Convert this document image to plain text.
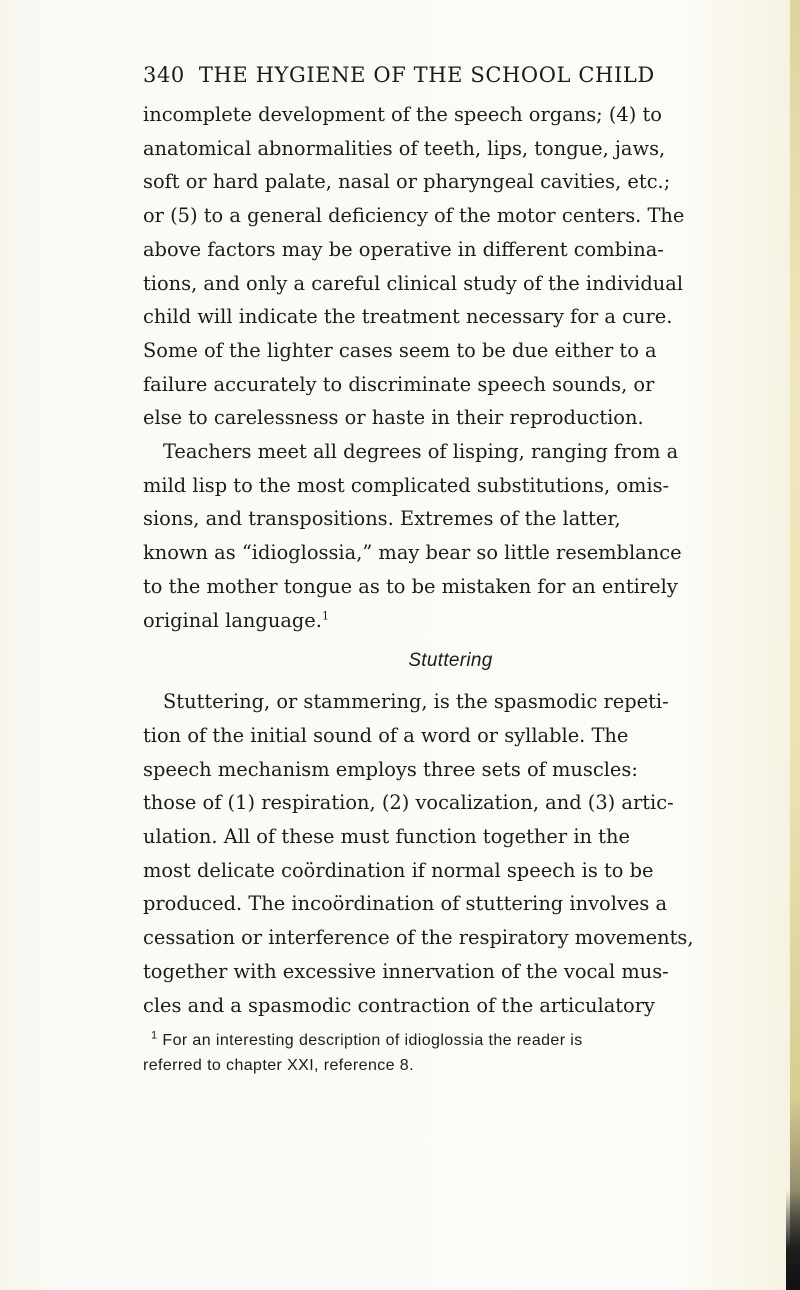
340 THE HYGIENE OF THE SCHOOL CHILD

incomplete development of the speech organs; (4) to
anatomical abnormalities of teeth, lips, tongue, jaws,
soft or hard palate, nasal or pharyngeal cavities, etc.;
or (5) to a general deficiency of the motor centers. The
above factors may be operative in different combina-
tions, and only a careful clinical study of the individual
child will indicate the treatment necessary for a cure.
Some of the lighter cases seem to be due either to a
failure accurately to discriminate speech sounds, or
else to carelessness or haste in their reproduction.

Teachers meet all degrees of lisping, ranging from a
mild lisp to the most complicated substitutions, omis-
sions, and transpositions. Extremes of the latter,
known as “idioglossia,” may bear so little resemblance
to the mother tongue as to be mistaken for an entirely
original language.$^1$

Stuttering

Stuttering, or stammering, is the spasmodic repeti-
tion of the initial sound of a word or syllable. The
speech mechanism employs three sets of muscles:
those of (1) respiration, (2) vocalization, and (3) artic-
ulation. All of these must function together in the
most delicate coördination if normal speech is to be
produced. The incoördination of stuttering involves a
cessation or interference of the respiratory movements,
together with excessive innervation of the vocal mus-
cles and a spasmodic contraction of the articulatory

$^1$ For an interesting description of idioglossia the reader is
referred to chapter XXI, reference 8.
